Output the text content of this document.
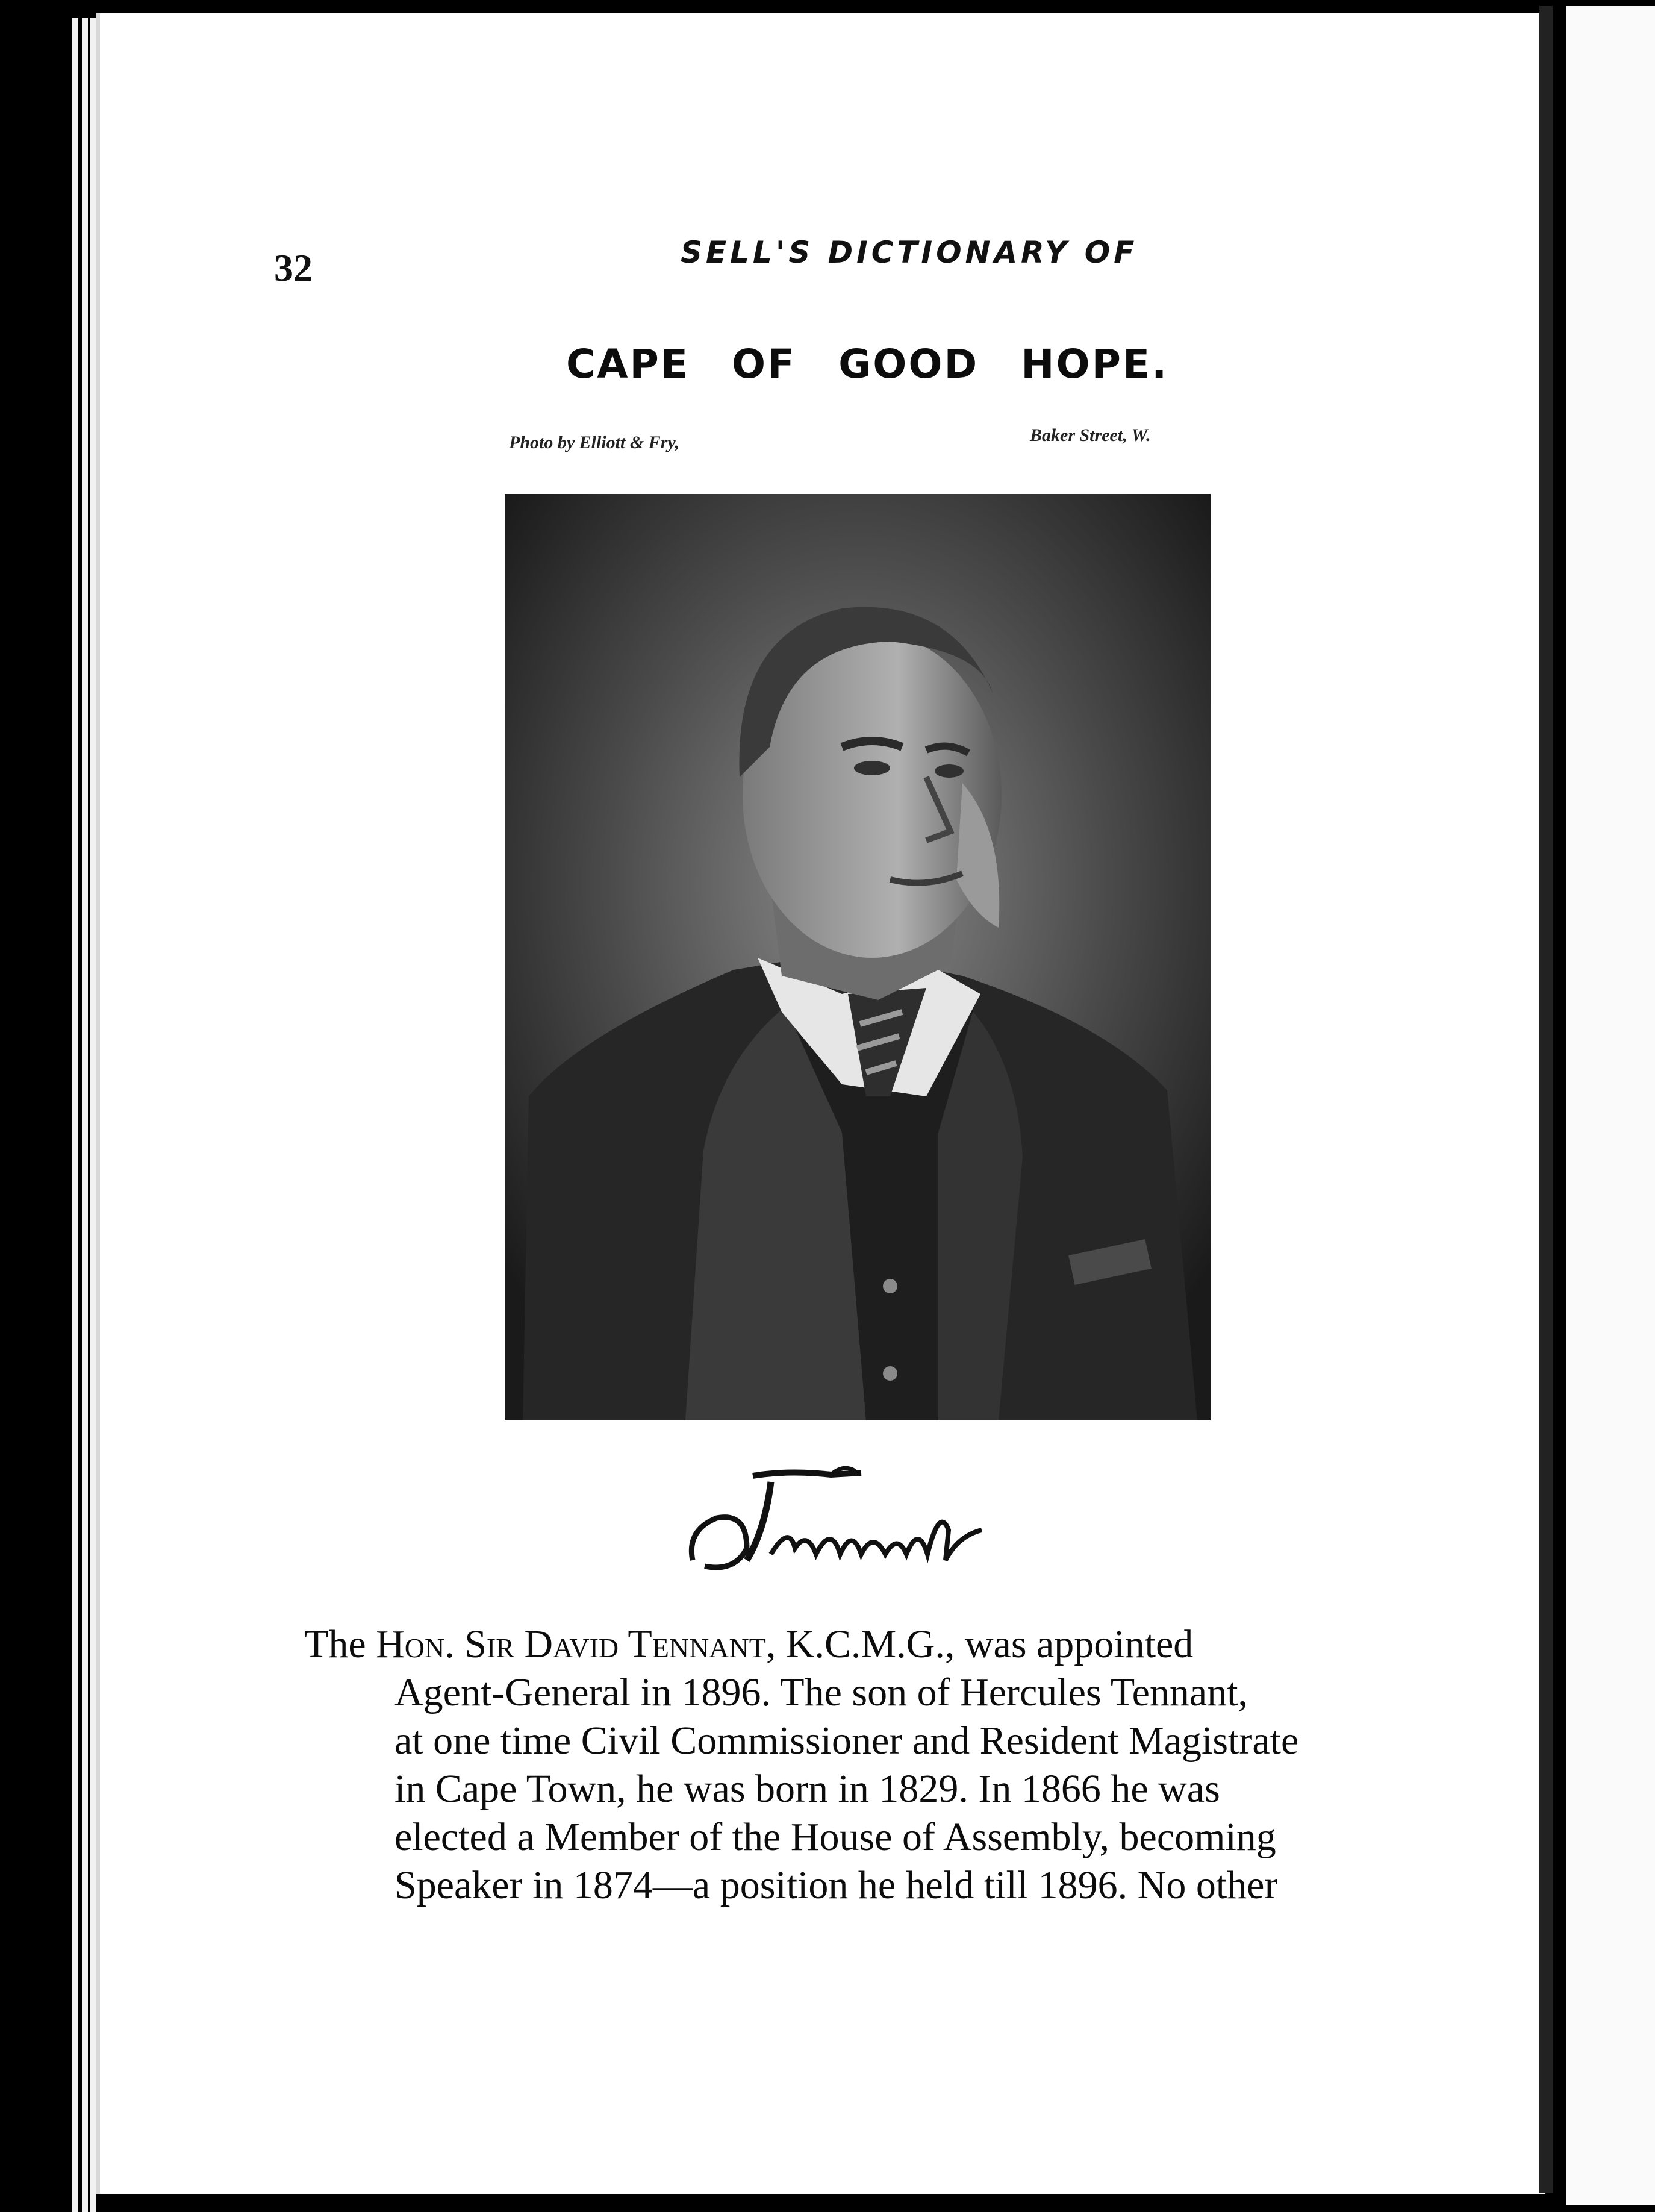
32	SELL'S DICTIONARY OF
CAPE OF GOOD HOPE.
Photo by Elliott & Fry,	Baker Street, W.
The Hon. Sir David Tennant, K.C.M.G., was appointed
Agent-General in 1896. The son of Hercules Tennant,
at one time Civil Commissioner and Resident Magistrate
in Cape Town, he was born in 1829. In 1866 he was
elected a Member of the House of Assembly, becoming
Speaker in 1874—a position he held till 1896. No other
